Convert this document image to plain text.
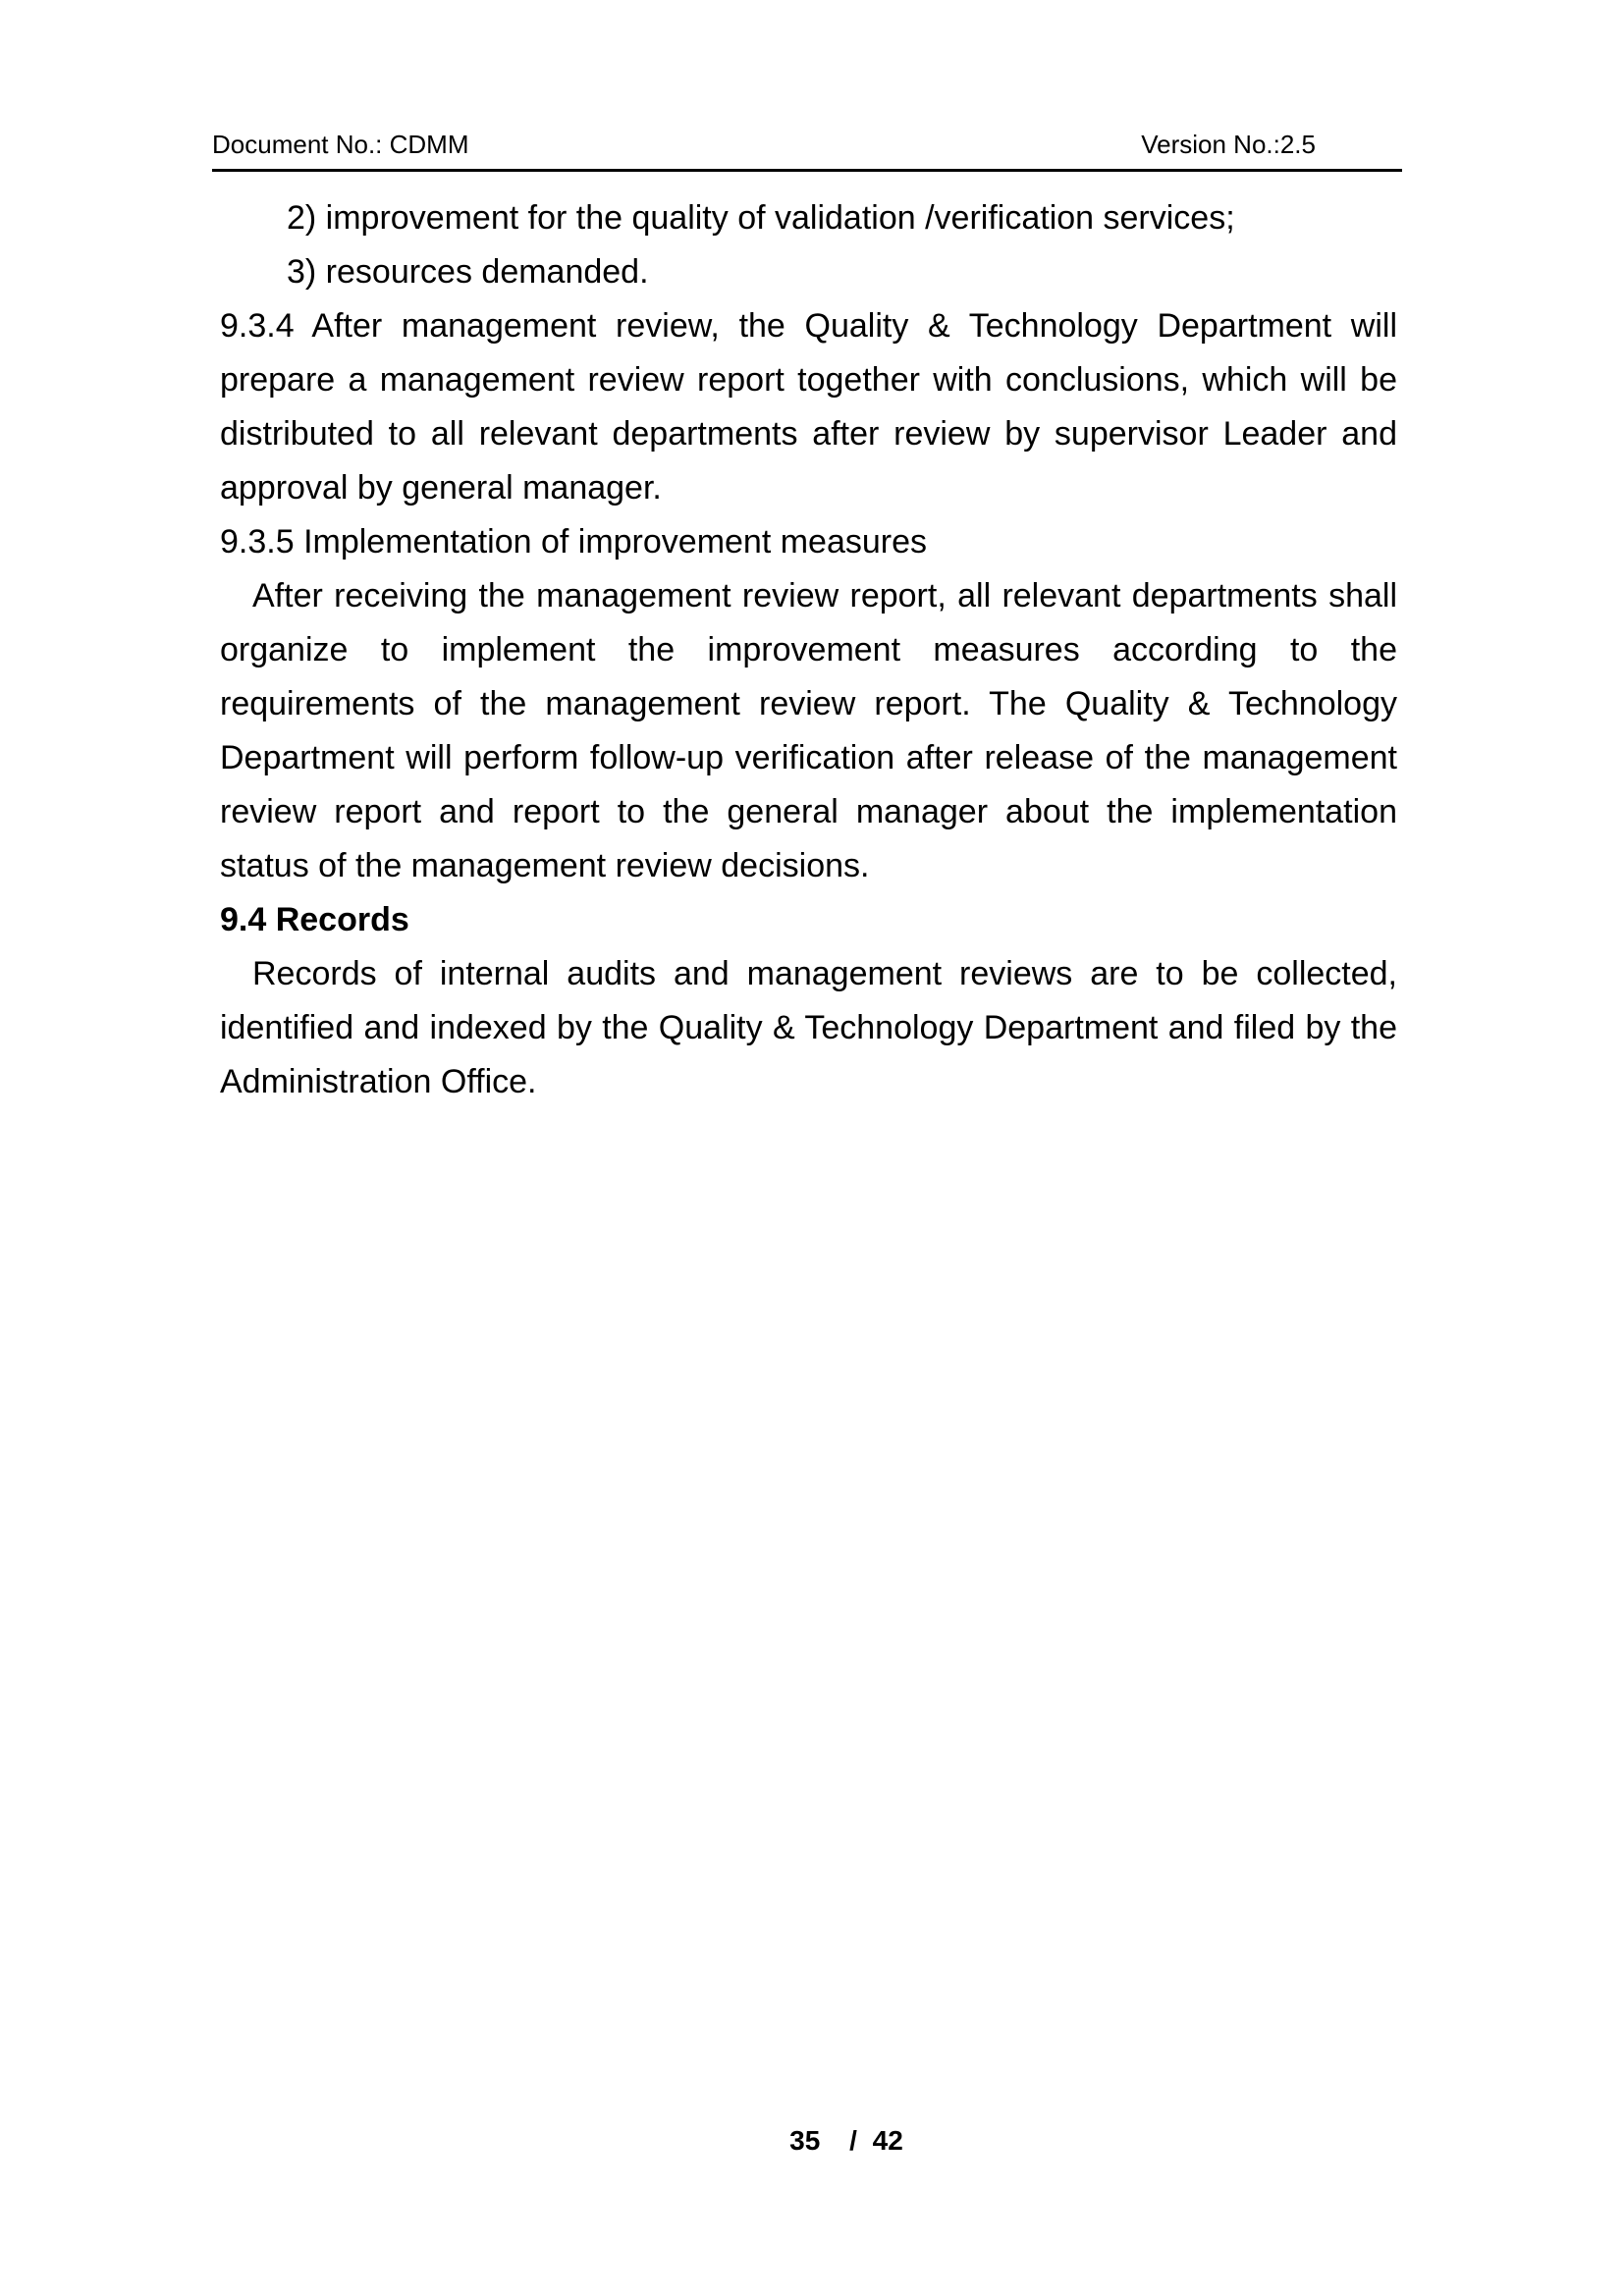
Document No.: CDMM	Version No.:2.5
2) improvement for the quality of validation /verification services;
3) resources demanded.
9.3.4 After management review, the Quality & Technology Department will
prepare a management review report together with conclusions, which will be
distributed to all relevant departments after review by supervisor Leader and
approval by general manager.
9.3.5 Implementation of improvement measures
After receiving the management review report, all relevant departments shall
organize to implement the improvement measures according to the
requirements of the management review report. The Quality & Technology
Department will perform follow-up verification after release of the management
review report and report to the general manager about the implementation
status of the management review decisions.
9.4 Records
Records of internal audits and management reviews are to be collected,
identified and indexed by the Quality & Technology Department and filed by the
Administration Office.
35 / 42
